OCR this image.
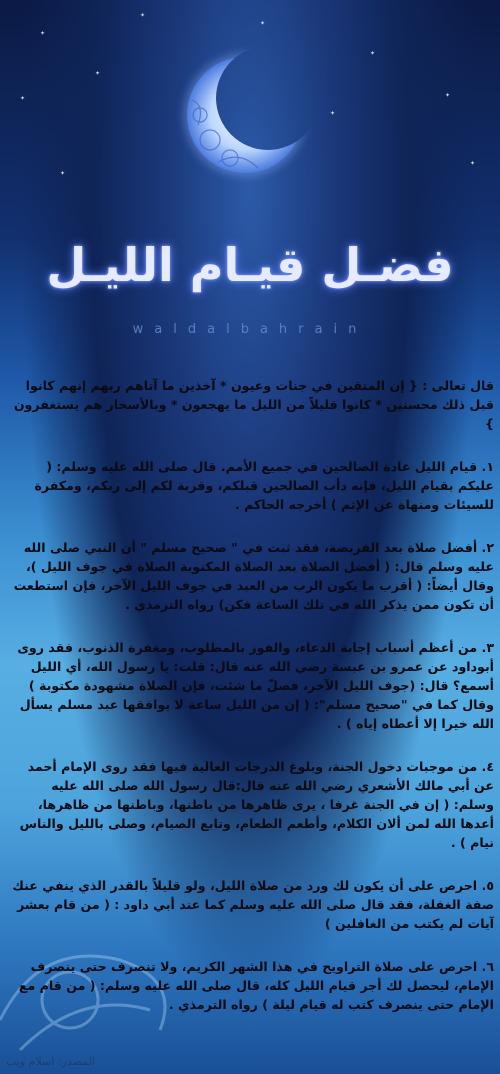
✦
✦
✦
✦
✦
✦
✦
✦
✦
✦
فضـل قيـام الليـل
waldalbahrain

قال تعالى : { إن المتقين في جنات وعيون * آخذين ما آتاهم ربهم إنهم كانوا قبل ذلك محسنين * كانوا قليلاً من الليل ما يهجعون * وبالأسحار هم يستغفرون }

١. قيام الليل عادة الصالحين في جميع الأمم. قال صلى الله عليه وسلم: ( عليكم بقيام الليل، فإنه دأب الصالحين قبلكم، وقربة لكم إلى ربكم، ومكفرة للسيئات ومنهاة عن الإثم ) أخرجه الحاكم .

٢. أفضل صلاة بعد الفريضة، فقد ثبت في " صحيح مسلم " أن النبي صلى الله عليه وسلم قال: ( أفضل الصلاة بعد الصلاة المكتوبة الصلاة في جوف الليل )، وقال أيضاً: ( أقرب ما يكون الرب من العبد في جوف الليل الآخر، فإن استطعت أن تكون ممن يذكر الله في تلك الساعة فكن) رواه الترمذي .

٣. من أعظم أسباب إجابة الدعاء، والفوز بالمطلوب، ومغفرة الذنوب، فقد روى أبوداود عن عمرو بن عبسة رضي الله عنه قال: قلت: يا رسول الله، أي الليل أسمع؟ قال: (جوف الليل الآخر، فصلّ ما شئت، فإن الصلاة مشهودة مكتوبة ) وقال كما في "صحيح مسلم": ( إن من الليل ساعة لا يوافقها عبد مسلم يسأل الله خيرا إلا أعطاه إياه ) .

٤. من موجبات دخول الجنة، وبلوغ الدرجات العالية فيها فقد روى الإمام أحمد عن أبي مالك الأشعري رضي الله عنه قال:قال رسول الله صلى الله عليه وسلم: ( إن في الجنة غرفا ، يرى ظاهرها من باطنها، وباطنها من ظاهرها، أعدها الله لمن ألان الكلام، وأطعم الطعام، وتابع الصيام، وصلى بالليل والناس نيام ) .

٥. احرص على أن يكون لك ورد من صلاة الليل، ولو قليلاً بالقدر الذي ينفي عنك صفة الغفلة، فقد قال صلى الله عليه وسلم كما عند أبي داود : ( من قام بعشر آيات لم يكتب من الغافلين )

٦. احرص على صلاة التراويح في هذا الشهر الكريم، ولا تنصرف حتى ينصرف الإمام، ليحصل لك أجر قيام الليل كله، قال صلى الله عليه وسلم: ( من قام مع الإمام حتى ينصرف كتب له قيام ليلة ) رواه الترمذي .

المصدر: اسلام ويب
